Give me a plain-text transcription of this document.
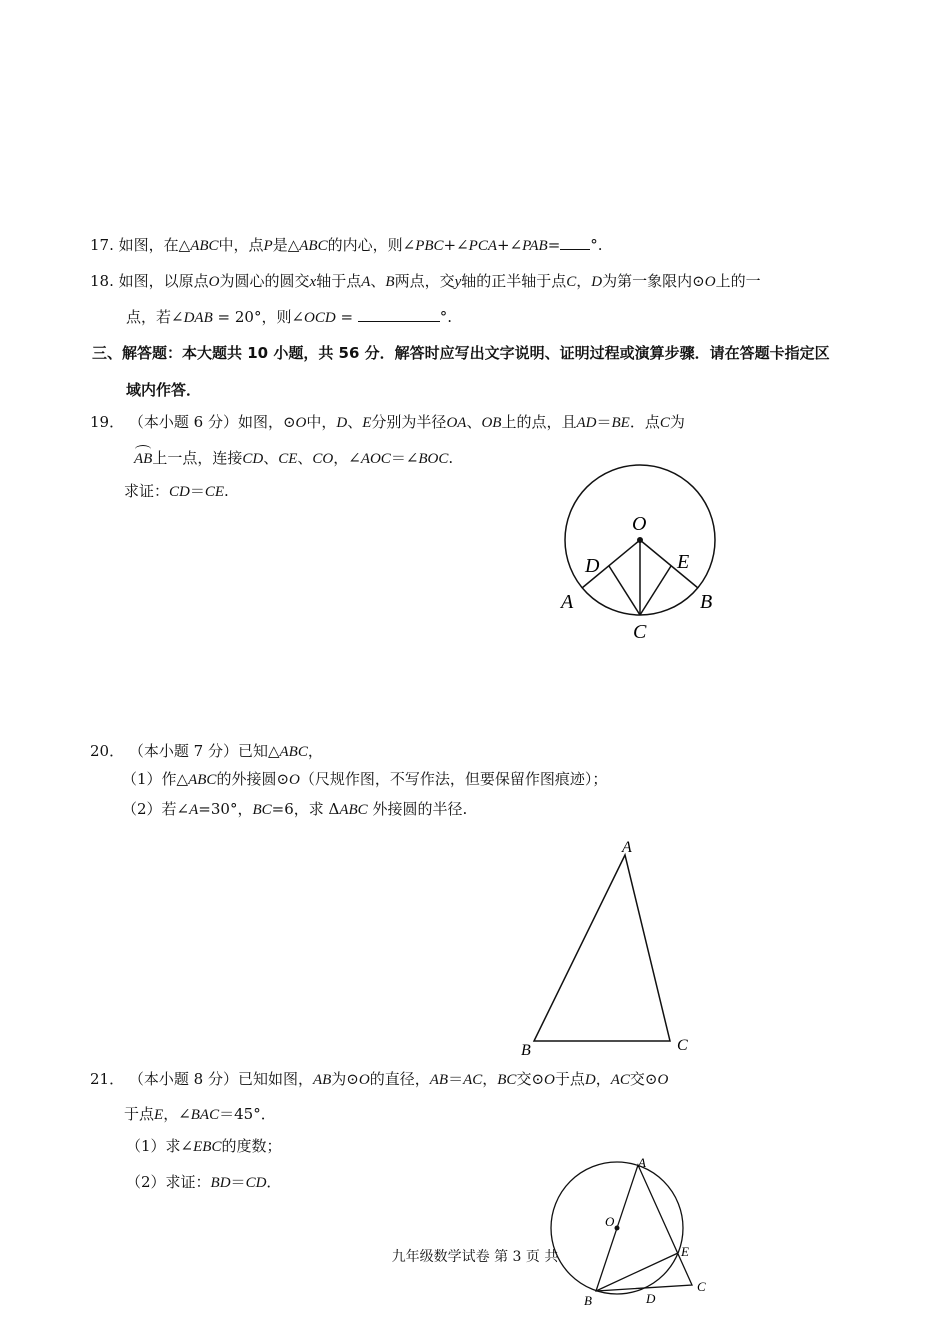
17. 如图，在△ABC中，点P是△ABC的内心，则∠PBC+∠PCA+∠PAB= °.
18. 如图，以原点O为圆心的圆交x轴于点A、B两点，交y轴的正半轴于点C，D为第一象限内⊙O上的一
点，若∠DAB = 20°，则∠OCD =	°.
三、解答题：本大题共 10 小题，共 56 分．解答时应写出文字说明、证明过程或演算步骤．请在答题卡指定区
域内作答．
19． （本小题 6 分）如图，⊙O中，D、E分别为半径OA、OB上的点，且AD＝BE．点C为
AB上一点，连接CD、CE、CO，∠AOC＝∠BOC.
求证：CD＝CE.
O
D	E
A	B
C
20． （本小题 7 分）已知△ABC，
（1）作△ABC的外接圆⊙O（尺规作图，不写作法，但要保留作图痕迹）；
（2）若∠A=30°，BC=6，求 ΔABC 外接圆的半径.
A
B	C
21． （本小题 8 分）已知如图，AB为⊙O的直径，AB＝AC，BC交⊙O于点D，AC交⊙O
于点E，∠BAC＝45°．
（1）求∠EBC的度数；
（2）求证：BD＝CD．
A
O
E
B	D
C
九年级数学试卷 第 3 页 共
